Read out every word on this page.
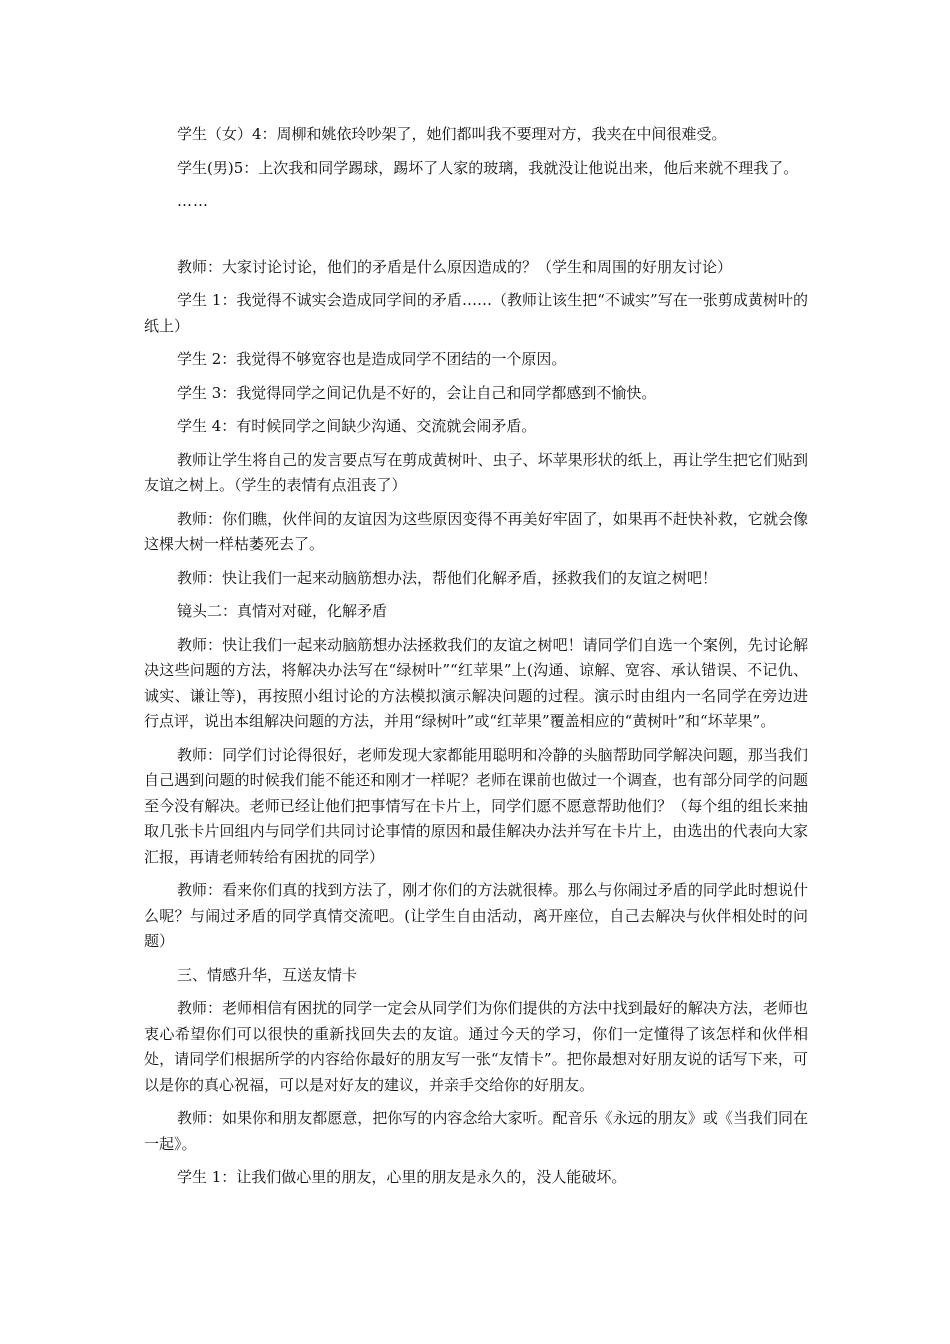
学生（女）4：周柳和姚依玲吵架了，她们都叫我不要理对方，我夹在中间很难受。

学生(男)5：上次我和同学踢球，踢坏了人家的玻璃，我就没让他说出来，他后来就不理我了。

……

教师：大家讨论讨论，他们的矛盾是什么原因造成的？（学生和周围的好朋友讨论）

学生 1：我觉得不诚实会造成同学间的矛盾……（教师让该生把“不诚实”写在一张剪成黄树叶的纸上）

学生 2：我觉得不够宽容也是造成同学不团结的一个原因。

学生 3：我觉得同学之间记仇是不好的，会让自己和同学都感到不愉快。

学生 4：有时候同学之间缺少沟通、交流就会闹矛盾。

教师让学生将自己的发言要点写在剪成黄树叶、虫子、坏苹果形状的纸上，再让学生把它们贴到友谊之树上。（学生的表情有点沮丧了）

教师：你们瞧，伙伴间的友谊因为这些原因变得不再美好牢固了，如果再不赶快补救，它就会像这棵大树一样枯萎死去了。

教师：快让我们一起来动脑筋想办法，帮他们化解矛盾，拯救我们的友谊之树吧！

镜头二：真情对对碰，化解矛盾

教师：快让我们一起来动脑筋想办法拯救我们的友谊之树吧！请同学们自选一个案例，先讨论解决这些问题的方法，将解决办法写在“绿树叶”“红苹果”上(沟通、谅解、宽容、承认错误、不记仇、诚实、谦让等)，再按照小组讨论的方法模拟演示解决问题的过程。演示时由组内一名同学在旁边进行点评，说出本组解决问题的方法，并用“绿树叶”或“红苹果”覆盖相应的“黄树叶”和“坏苹果”。

教师：同学们讨论得很好，老师发现大家都能用聪明和冷静的头脑帮助同学解决问题，那当我们自己遇到问题的时候我们能不能还和刚才一样呢？老师在课前也做过一个调查，也有部分同学的问题至今没有解决。老师已经让他们把事情写在卡片上，同学们愿不愿意帮助他们？（每个组的组长来抽取几张卡片回组内与同学们共同讨论事情的原因和最佳解决办法并写在卡片上，由选出的代表向大家汇报，再请老师转给有困扰的同学）

教师：看来你们真的找到方法了，刚才你们的方法就很棒。那么与你闹过矛盾的同学此时想说什么呢？与闹过矛盾的同学真情交流吧。(让学生自由活动，离开座位，自己去解决与伙伴相处时的问题）

三、情感升华，互送友情卡

教师：老师相信有困扰的同学一定会从同学们为你们提供的方法中找到最好的解决方法，老师也衷心希望你们可以很快的重新找回失去的友谊。通过今天的学习，你们一定懂得了该怎样和伙伴相处，请同学们根据所学的内容给你最好的朋友写一张“友情卡”。把你最想对好朋友说的话写下来，可以是你的真心祝福，可以是对好友的建议，并亲手交给你的好朋友。

教师：如果你和朋友都愿意，把你写的内容念给大家听。配音乐《永远的朋友》或《当我们同在一起》。

学生 1：让我们做心里的朋友，心里的朋友是永久的，没人能破坏。
